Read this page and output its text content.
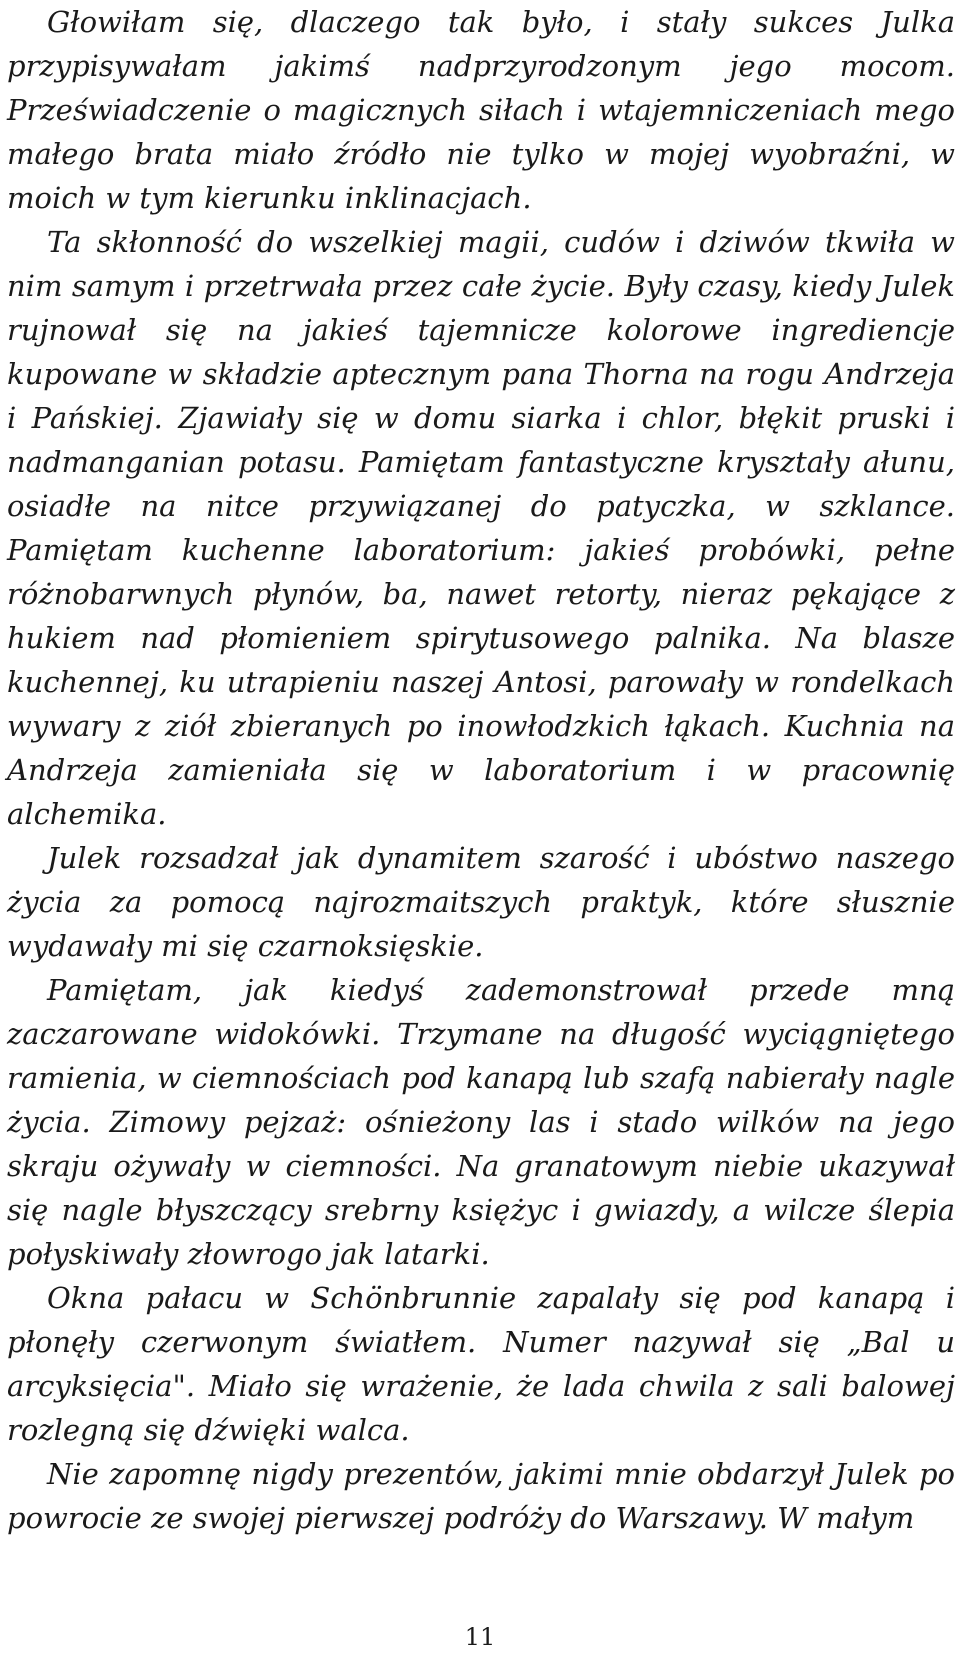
Głowiłam się, dlaczego tak było, i stały sukces Julka przypisywałam jakimś nadprzyrodzonym jego mocom. Przeświadczenie o magicznych siłach i wtajemniczeniach mego małego brata miało źródło nie tylko w mojej wyobraźni, w moich w tym kierunku inklinacjach.

Ta skłonność do wszelkiej magii, cudów i dziwów tkwiła w nim samym i przetrwała przez całe życie. Były czasy, kiedy Julek rujnował się na jakieś tajemnicze kolorowe ingrediencje kupowane w składzie aptecznym pana Thorna na rogu Andrzeja i Pańskiej. Zjawiały się w domu siarka i chlor, błękit pruski i nadmanganian potasu. Pamiętam fantastyczne kryształy ałunu, osiadłe na nitce przywiązanej do patyczka, w szklance. Pamiętam kuchenne laboratorium: jakieś probówki, pełne różnobarwnych płynów, ba, nawet retorty, nieraz pękające z hukiem nad płomieniem spirytusowego palnika. Na blasze kuchennej, ku utrapieniu naszej Antosi, parowały w rondelkach wywary z ziół zbieranych po inowłodzkich łąkach. Kuchnia na Andrzeja zamieniała się w laboratorium i w pracownię alchemika.

Julek rozsadzał jak dynamitem szarość i ubóstwo naszego życia za pomocą najrozmaitszych praktyk, które słusznie wydawały mi się czarnoksięskie.

Pamiętam, jak kiedyś zademonstrował przede mną zaczarowane widokówki. Trzymane na długość wyciągniętego ramienia, w ciemnościach pod kanapą lub szafą nabierały nagle życia. Zimowy pejzaż: ośnieżony las i stado wilków na jego skraju ożywały w ciemności. Na granatowym niebie ukazywał się nagle błyszczący srebrny księżyc i gwiazdy, a wilcze ślepia połyskiwały złowrogo jak latarki.

Okna pałacu w Schönbrunnie zapalały się pod kanapą i płonęły czerwonym światłem. Numer nazywał się „Bal u arcyksięcia". Miało się wrażenie, że lada chwila z sali balowej rozlegną się dźwięki walca.

Nie zapomnę nigdy prezentów, jakimi mnie obdarzył Julek po powrocie ze swojej pierwszej podróży do Warszawy. W małym

11
